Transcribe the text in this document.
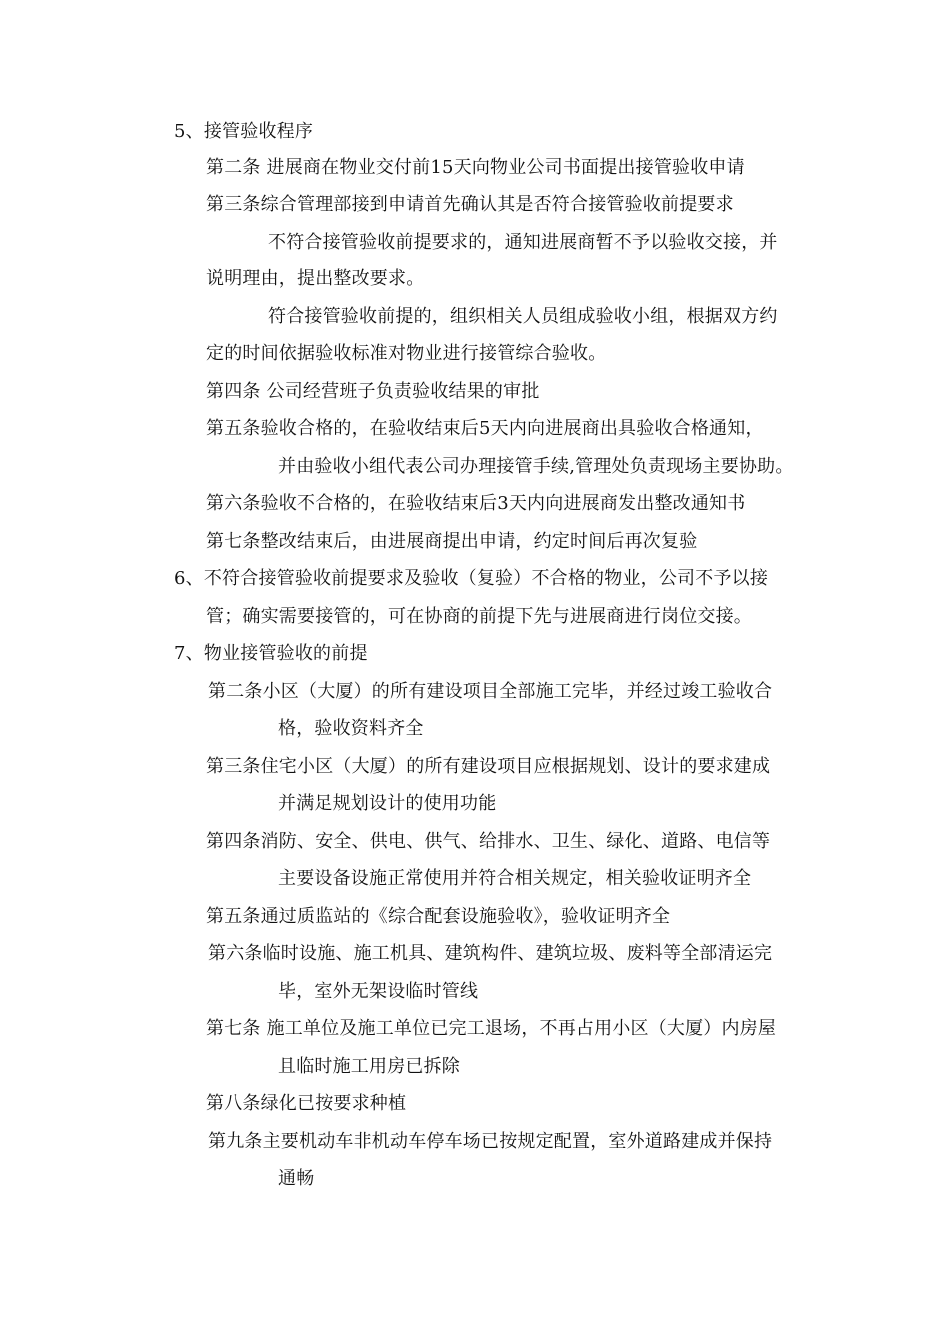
5、接管验收程序
第二条 进展商在物业交付前15天向物业公司书面提出接管验收申请
第三条综合管理部接到申请首先确认其是否符合接管验收前提要求
不符合接管验收前提要求的，通知进展商暂不予以验收交接，并
说明理由，提出整改要求。
符合接管验收前提的，组织相关人员组成验收小组，根据双方约
定的时间依据验收标准对物业进行接管综合验收。
第四条 公司经营班子负责验收结果的审批
第五条验收合格的，在验收结束后5天内向进展商出具验收合格通知，
并由验收小组代表公司办理接管手续,管理处负责现场主要协助。
第六条验收不合格的，在验收结束后3天内向进展商发出整改通知书
第七条整改结束后，由进展商提出申请，约定时间后再次复验
6、不符合接管验收前提要求及验收（复验）不合格的物业，公司不予以接
管；确实需要接管的，可在协商的前提下先与进展商进行岗位交接。
7、物业接管验收的前提
第二条小区（大厦）的所有建设项目全部施工完毕，并经过竣工验收合
格，验收资料齐全
第三条住宅小区（大厦）的所有建设项目应根据规划、设计的要求建成
并满足规划设计的使用功能
第四条消防、安全、供电、供气、给排水、卫生、绿化、道路、电信等
主要设备设施正常使用并符合相关规定，相关验收证明齐全
第五条通过质监站的《综合配套设施验收》，验收证明齐全
第六条临时设施、施工机具、建筑构件、建筑垃圾、废料等全部清运完
毕，室外无架设临时管线
第七条 施工单位及施工单位已完工退场，不再占用小区（大厦）内房屋
且临时施工用房已拆除
第八条绿化已按要求种植
第九条主要机动车非机动车停车场已按规定配置，室外道路建成并保持
通畅
